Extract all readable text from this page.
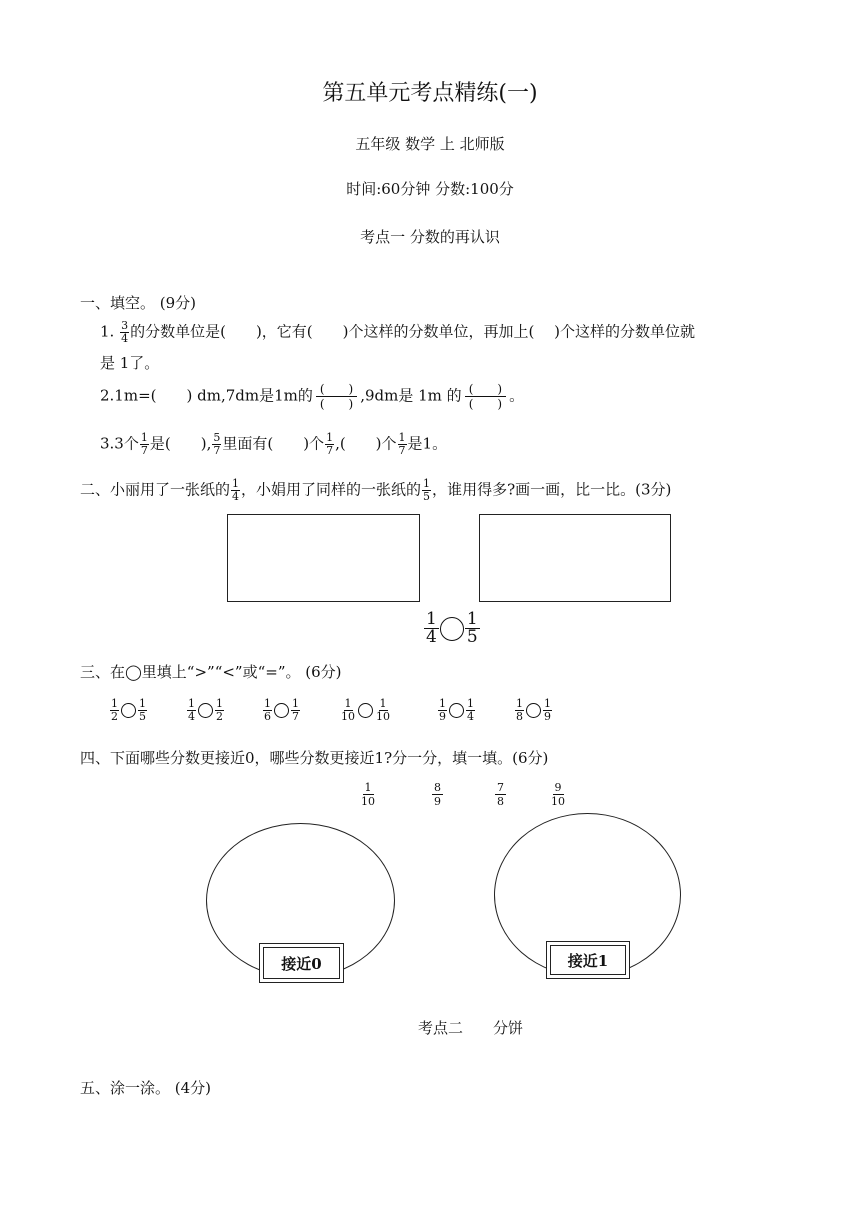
第五单元考点精练(一)
五年级 数学 上 北师版
时间:60分钟 分数:100分
考点一 分数的再认识
一、填空。 (9分)
1. $\frac{3}{4}$ 的分数单位是(　　)，它有(　　)个这样的分数单位，再加上(　 )个这样的分数单位就
是 1了。
2.1m=(　　) dm,7dm是1m的 (　　)
(　　) ,9dm是 1m 的 (　　)
(　　) 。
3.3个 $\frac{1}{7}$ 是(　　), $\frac{5}{7}$ 里面有(　　)个 $\frac{1}{7}$ ,(　　)个 $\frac{1}{7}$ 是1。
二、小丽用了一张纸的 $\frac{1}{4}$ ，小娟用了同样的一张纸的 $\frac{1}{5}$ ，谁用得多?画一画，比一比。(3分)
$\frac{1}{4} \frac{1}{5}$
三、在◯里填上“>”“<”或“=”。 (6分)
$\frac{1}{2} \frac{1}{5}$	$\frac{1}{4} \frac{1}{2}$	$\frac{1}{6} \frac{1}{7}$	$\frac{1}{10} \frac{1}{10}$	$\frac{1}{9} \frac{1}{4}$	$\frac{1}{8} \frac{1}{9}$
四、下面哪些分数更接近0，哪些分数更接近1?分一分，填一填。(6分)
1
10
8
9
7
8
9
10
接近0	接近1
考点二　　分饼
五、涂一涂。 (4分)
